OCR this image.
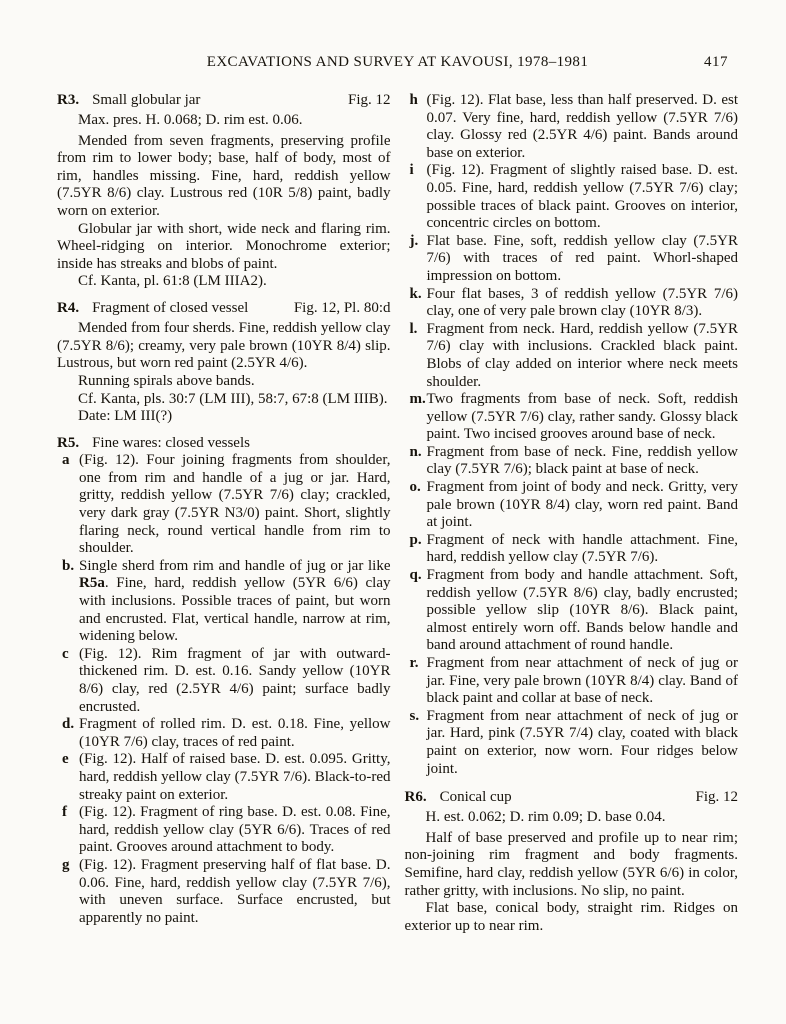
EXCAVATIONS AND SURVEY AT KAVOUSI, 1978–1981	417
R3. Small globular jar	Fig. 12
Max. pres. H. 0.068; D. rim est. 0.06.
Mended from seven fragments, preserving profile from rim to lower body; base, half of body, most of rim, handles missing. Fine, hard, reddish yellow (7.5YR 8/6) clay. Lustrous red (10R 5/8) paint, badly worn on exterior.
Globular jar with short, wide neck and flaring rim. Wheel-ridging on interior. Monochrome exterior; inside has streaks and blobs of paint.
Cf. Kanta, pl. 61:8 (LM IIIA2).
R4. Fragment of closed vessel	Fig. 12, Pl. 80:d
Mended from four sherds. Fine, reddish yellow clay (7.5YR 8/6); creamy, very pale brown (10YR 8/4) slip. Lustrous, but worn red paint (2.5YR 4/6).
Running spirals above bands.
Cf. Kanta, pls. 30:7 (LM III), 58:7, 67:8 (LM IIIB).
Date: LM III(?)
R5. Fine wares: closed vessels
a (Fig. 12). Four joining fragments from shoulder, one from rim and handle of a jug or jar. Hard, gritty, reddish yellow (7.5YR 7/6) clay; crackled, very dark gray (7.5YR N3/0) paint. Short, slightly flaring neck, round vertical handle from rim to shoulder.
b. Single sherd from rim and handle of jug or jar like R5a. Fine, hard, reddish yellow (5YR 6/6) clay with inclusions. Possible traces of paint, but worn and encrusted. Flat, vertical handle, narrow at rim, widening below.
c (Fig. 12). Rim fragment of jar with outward-thickened rim. D. est. 0.16. Sandy yellow (10YR 8/6) clay, red (2.5YR 4/6) paint; surface badly encrusted.
d. Fragment of rolled rim. D. est. 0.18. Fine, yellow (10YR 7/6) clay, traces of red paint.
e (Fig. 12). Half of raised base. D. est. 0.095. Gritty, hard, reddish yellow clay (7.5YR 7/6). Black-to-red streaky paint on exterior.
f (Fig. 12). Fragment of ring base. D. est. 0.08. Fine, hard, reddish yellow clay (5YR 6/6). Traces of red paint. Grooves around attachment to body.
g (Fig. 12). Fragment preserving half of flat base. D. 0.06. Fine, hard, reddish yellow clay (7.5YR 7/6), with uneven surface. Surface encrusted, but apparently no paint.
h (Fig. 12). Flat base, less than half preserved. D. est 0.07. Very fine, hard, reddish yellow (7.5YR 7/6) clay. Glossy red (2.5YR 4/6) paint. Bands around base on exterior.
i (Fig. 12). Fragment of slightly raised base. D. est. 0.05. Fine, hard, reddish yellow (7.5YR 7/6) clay; possible traces of black paint. Grooves on interior, concentric circles on bottom.
j. Flat base. Fine, soft, reddish yellow clay (7.5YR 7/6) with traces of red paint. Whorl-shaped impression on bottom.
k. Four flat bases, 3 of reddish yellow (7.5YR 7/6) clay, one of very pale brown clay (10YR 8/3).
l. Fragment from neck. Hard, reddish yellow (7.5YR 7/6) clay with inclusions. Crackled black paint. Blobs of clay added on interior where neck meets shoulder.
m. Two fragments from base of neck. Soft, reddish yellow (7.5YR 7/6) clay, rather sandy. Glossy black paint. Two incised grooves around base of neck.
n. Fragment from base of neck. Fine, reddish yellow clay (7.5YR 7/6); black paint at base of neck.
o. Fragment from joint of body and neck. Gritty, very pale brown (10YR 8/4) clay, worn red paint. Band at joint.
p. Fragment of neck with handle attachment. Fine, hard, reddish yellow clay (7.5YR 7/6).
q. Fragment from body and handle attachment. Soft, reddish yellow (7.5YR 8/6) clay, badly encrusted; possible yellow slip (10YR 8/6). Black paint, almost entirely worn off. Bands below handle and band around attachment of round handle.
r. Fragment from near attachment of neck of jug or jar. Fine, very pale brown (10YR 8/4) clay. Band of black paint and collar at base of neck.
s. Fragment from near attachment of neck of jug or jar. Hard, pink (7.5YR 7/4) clay, coated with black paint on exterior, now worn. Four ridges below joint.
R6. Conical cup	Fig. 12
H. est. 0.062; D. rim 0.09; D. base 0.04.
Half of base preserved and profile up to near rim; non-joining rim fragment and body fragments. Semifine, hard clay, reddish yellow (5YR 6/6) in color, rather gritty, with inclusions. No slip, no paint.
Flat base, conical body, straight rim. Ridges on exterior up to near rim.
